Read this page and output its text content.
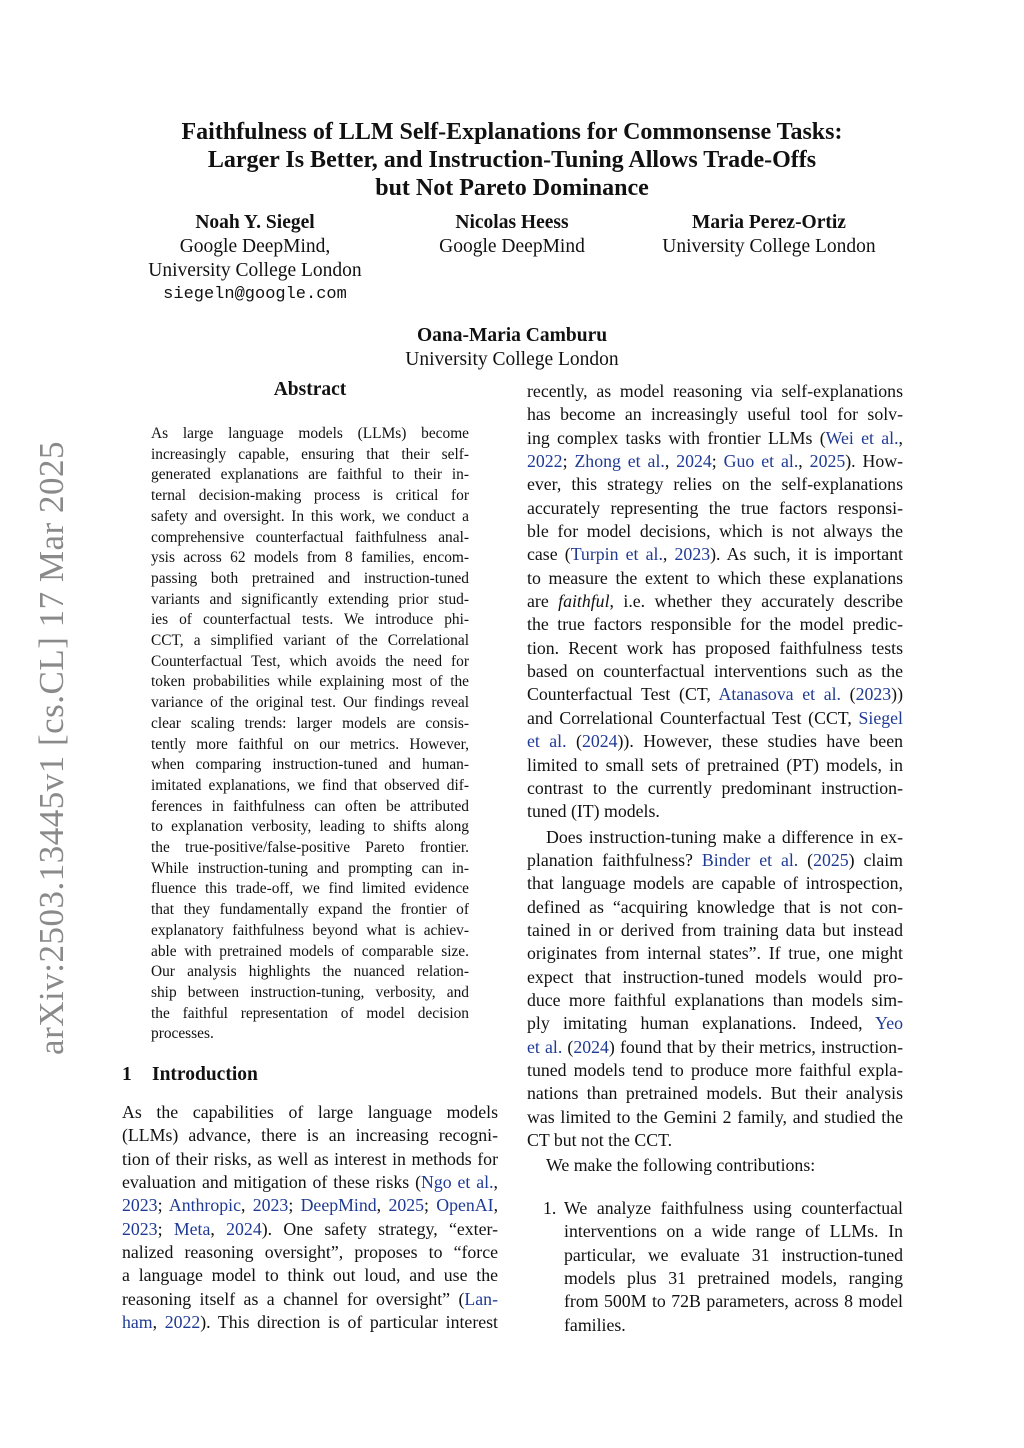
arXiv:2503.13445v1 [cs.CL] 17 Mar 2025
Faithfulness of LLM Self-Explanations for Commonsense Tasks:
Larger Is Better, and Instruction-Tuning Allows Trade-Offs
but Not Pareto Dominance
Noah Y. Siegel
Google DeepMind,
University College London
siegeln@google.com
Nicolas Heess
Google DeepMind
Maria Perez-Ortiz
University College London
Oana-Maria Camburu
University College London
Abstract
As large language models (LLMs) become
increasingly capable, ensuring that their self-
generated explanations are faithful to their in-
ternal decision-making process is critical for
safety and oversight. In this work, we conduct a
comprehensive counterfactual faithfulness anal-
ysis across 62 models from 8 families, encom-
passing both pretrained and instruction-tuned
variants and significantly extending prior stud-
ies of counterfactual tests. We introduce phi-
CCT, a simplified variant of the Correlational
Counterfactual Test, which avoids the need for
token probabilities while explaining most of the
variance of the original test. Our findings reveal
clear scaling trends: larger models are consis-
tently more faithful on our metrics. However,
when comparing instruction-tuned and human-
imitated explanations, we find that observed dif-
ferences in faithfulness can often be attributed
to explanation verbosity, leading to shifts along
the true-positive/false-positive Pareto frontier.
While instruction-tuning and prompting can in-
fluence this trade-off, we find limited evidence
that they fundamentally expand the frontier of
explanatory faithfulness beyond what is achiev-
able with pretrained models of comparable size.
Our analysis highlights the nuanced relation-
ship between instruction-tuning, verbosity, and
the faithful representation of model decision
processes.
1 Introduction
As the capabilities of large language models
(LLMs) advance, there is an increasing recogni-
tion of their risks, as well as interest in methods for
evaluation and mitigation of these risks (Ngo et al.,
2023; Anthropic, 2023; DeepMind, 2025; OpenAI,
2023; Meta, 2024). One safety strategy, “exter-
nalized reasoning oversight”, proposes to “force
a language model to think out loud, and use the
reasoning itself as a channel for oversight” (Lan-
ham, 2022). This direction is of particular interest
recently, as model reasoning via self-explanations
has become an increasingly useful tool for solv-
ing complex tasks with frontier LLMs (Wei et al.,
2022; Zhong et al., 2024; Guo et al., 2025). How-
ever, this strategy relies on the self-explanations
accurately representing the true factors responsi-
ble for model decisions, which is not always the
case (Turpin et al., 2023). As such, it is important
to measure the extent to which these explanations
are faithful, i.e. whether they accurately describe
the true factors responsible for the model predic-
tion. Recent work has proposed faithfulness tests
based on counterfactual interventions such as the
Counterfactual Test (CT, Atanasova et al. (2023))
and Correlational Counterfactual Test (CCT, Siegel
et al. (2024)). However, these studies have been
limited to small sets of pretrained (PT) models, in
contrast to the currently predominant instruction-
tuned (IT) models.
Does instruction-tuning make a difference in ex-
planation faithfulness? Binder et al. (2025) claim
that language models are capable of introspection,
defined as “acquiring knowledge that is not con-
tained in or derived from training data but instead
originates from internal states”. If true, one might
expect that instruction-tuned models would pro-
duce more faithful explanations than models sim-
ply imitating human explanations. Indeed, Yeo
et al. (2024) found that by their metrics, instruction-
tuned models tend to produce more faithful expla-
nations than pretrained models. But their analysis
was limited to the Gemini 2 family, and studied the
CT but not the CCT.
We make the following contributions:
1. We analyze faithfulness using counterfactual
interventions on a wide range of LLMs. In
particular, we evaluate 31 instruction-tuned
models plus 31 pretrained models, ranging
from 500M to 72B parameters, across 8 model
families.
